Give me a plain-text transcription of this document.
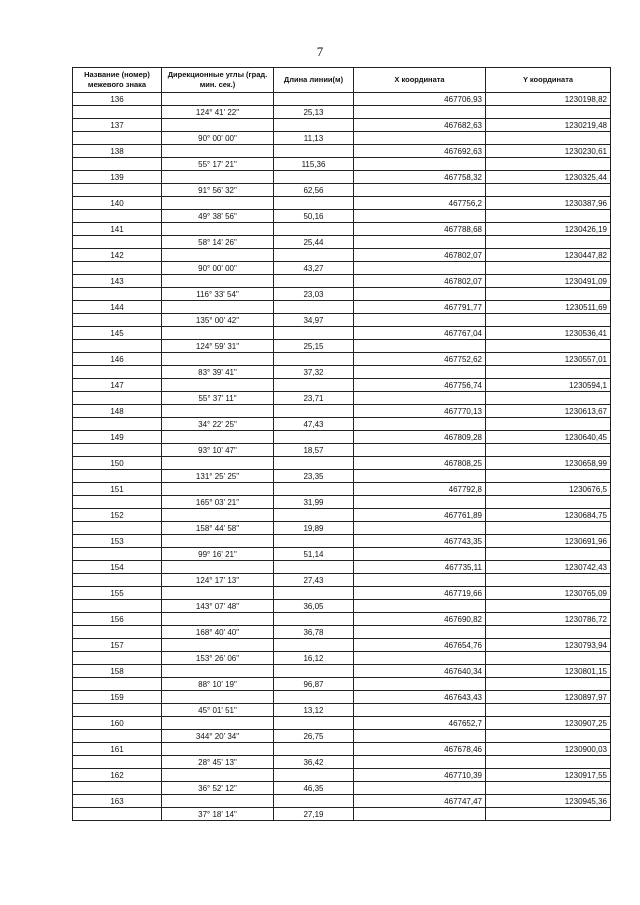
7
Название (номер) межевого знака	Дирекционные углы (град. мин. сек.)	Длина линии(м)	X координата	Y координата
136			467706,93	1230198,82
	124° 41' 22"	25,13		
137			467682,63	1230219,48
	90° 00' 00"	11,13		
138			467692,63	1230230,61
	55° 17' 21"	115,36		
139			467758,32	1230325,44
	91° 56' 32"	62,56		
140			467756,2	1230387,96
	49° 38' 56"	50,16		
141			467788,68	1230426,19
	58° 14' 26"	25,44		
142			467802,07	1230447,82
	90° 00' 00"	43,27		
143			467802,07	1230491,09
	116° 33' 54"	23,03		
144			467791,77	1230511,69
	135° 00' 42"	34,97		
145			467767,04	1230536,41
	124° 59' 31"	25,15		
146			467752,62	1230557,01
	83° 39' 41"	37,32		
147			467756,74	1230594,1
	55° 37' 11"	23,71		
148			467770,13	1230613,67
	34° 22' 25"	47,43		
149			467809,28	1230640,45
	93° 10' 47"	18,57		
150			467808,25	1230658,99
	131° 25' 25"	23,35		
151			467792,8	1230676,5
	165° 03' 21"	31,99		
152			467761,89	1230684,75
	158° 44' 58"	19,89		
153			467743,35	1230691,96
	99° 16' 21"	51,14		
154			467735,11	1230742,43
	124° 17' 13"	27,43		
155			467719,66	1230765,09
	143° 07' 48"	36,05		
156			467690,82	1230786,72
	168° 40' 40"	36,78		
157			467654,76	1230793,94
	153° 26' 06"	16,12		
158			467640,34	1230801,15
	88° 10' 19"	96,87		
159			467643,43	1230897,97
	45° 01' 51"	13,12		
160			467652,7	1230907,25
	344° 20' 34"	26,75		
161			467678,46	1230900,03
	28° 45' 13"	36,42		
162			467710,39	1230917,55
	36° 52' 12"	46,35		
163			467747,47	1230945,36
	37° 18' 14"	27,19		
